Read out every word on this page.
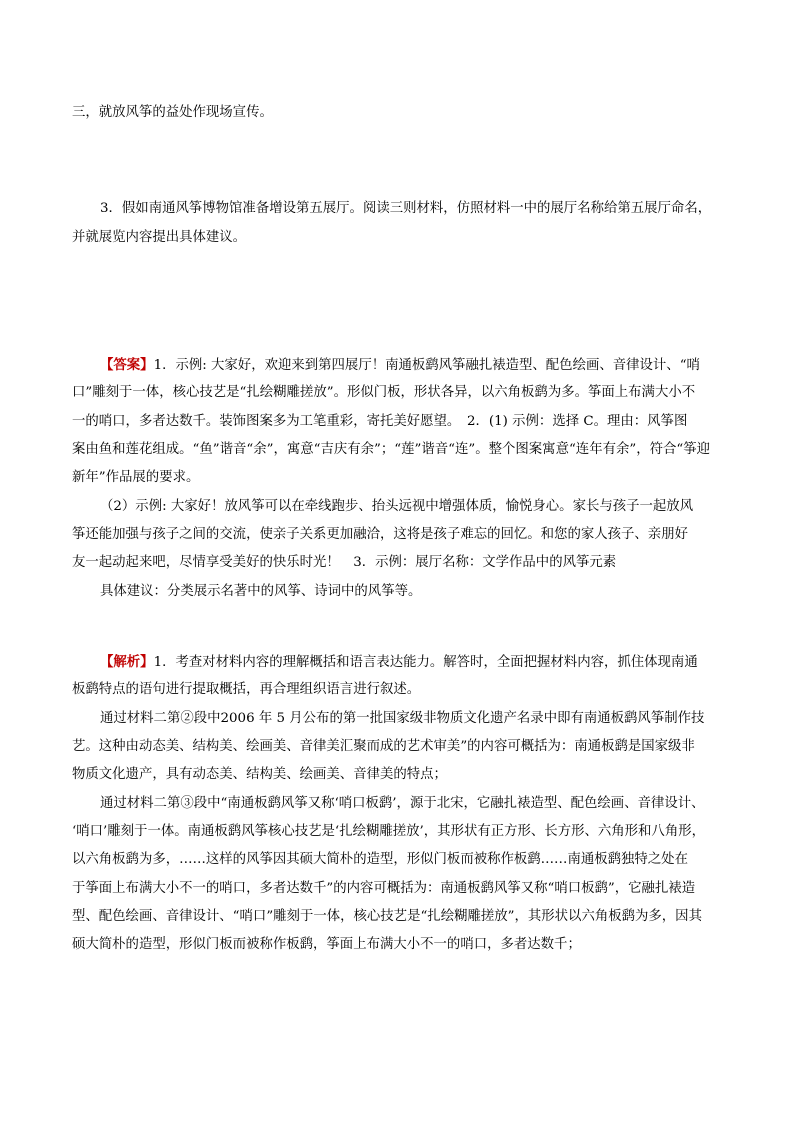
三，就放风筝的益处作现场宣传。
3．假如南通风筝博物馆准备增设第五展厅。阅读三则材料，仿照材料一中的展厅名称给第五展厅命名，
并就展览内容提出具体建议。
【答案】1．示例: 大家好，欢迎来到第四展厅！南通板鹞风筝融扎裱造型、配色绘画、音律设计、“哨
口”雕刻于一体，核心技艺是“扎绘糊雕搓放”。形似门板，形状各异，以六角板鹞为多。筝面上布满大小不
一的哨口，多者达数千。装饰图案多为工笔重彩，寄托美好愿望。　2．(1) 示例：选择 C。理由：风筝图
案由鱼和莲花组成。“鱼”谐音“余”，寓意“吉庆有余”；“莲”谐音“连”。整个图案寓意“连年有余”，符合“筝迎
新年”作品展的要求。
（2）示例: 大家好！放风筝可以在牵线跑步、抬头远视中增强体质，愉悦身心。家长与孩子一起放风
筝还能加强与孩子之间的交流，使亲子关系更加融洽，这将是孩子难忘的回忆。和您的家人孩子、亲朋好
友一起动起来吧，尽情享受美好的快乐时光！　3．示例：展厅名称：文学作品中的风筝元素
具体建议：分类展示名著中的风筝、诗词中的风筝等。
【解析】1．考查对材料内容的理解概括和语言表达能力。解答时，全面把握材料内容，抓住体现南通
板鹞特点的语句进行提取概括，再合理组织语言进行叙述。
通过材料二第②段中2006 年 5 月公布的第一批国家级非物质文化遗产名录中即有南通板鹞风筝制作技
艺。这种由动态美、结构美、绘画美、音律美汇聚而成的艺术审美”的内容可概括为：南通板鹞是国家级非
物质文化遗产，具有动态美、结构美、绘画美、音律美的特点；
通过材料二第③段中“南通板鹞风筝又称‘哨口板鹞’，源于北宋，它融扎裱造型、配色绘画、音律设计、
‘哨口’雕刻于一体。南通板鹞风筝核心技艺是‘扎绘糊雕搓放’，其形状有正方形、长方形、六角形和八角形，
以六角板鹞为多，……这样的风筝因其硕大简朴的造型，形似门板而被称作板鹞……南通板鹞独特之处在
于筝面上布满大小不一的哨口，多者达数千”的内容可概括为：南通板鹞风筝又称“哨口板鹞”，它融扎裱造
型、配色绘画、音律设计、“哨口”雕刻于一体，核心技艺是“扎绘糊雕搓放”，其形状以六角板鹞为多，因其
硕大简朴的造型，形似门板而被称作板鹞，筝面上布满大小不一的哨口，多者达数千；
